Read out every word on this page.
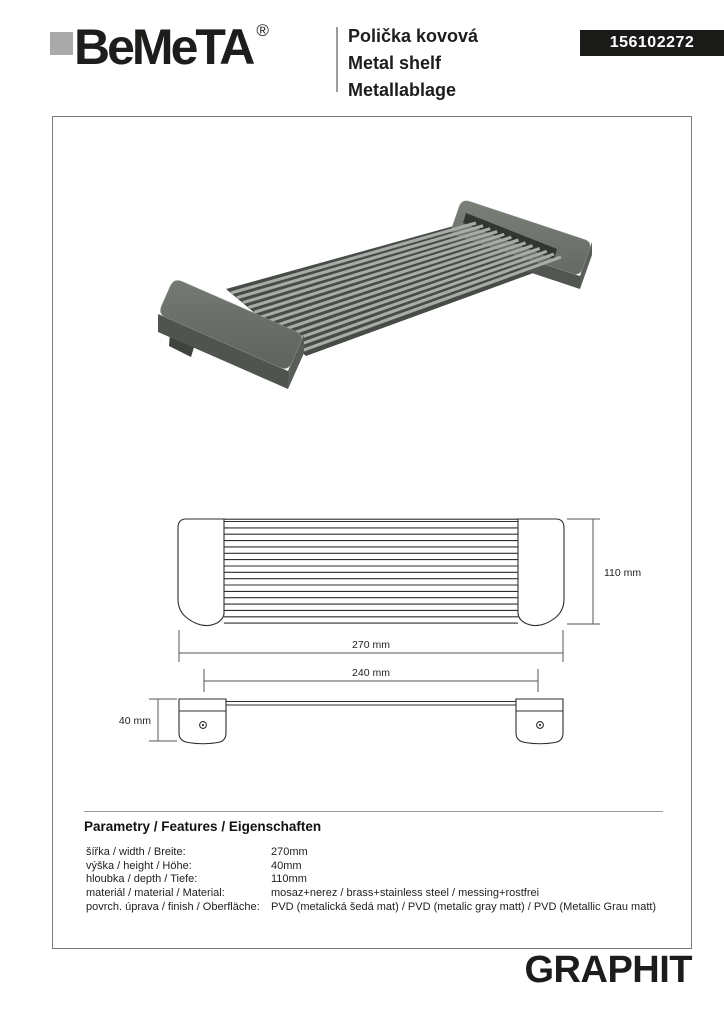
BeMeTA ®	Polička kovová
Metal shelf
Metallablage
156102272
110 mm
270 mm
240 mm
40 mm
Parametry / Features / Eigenschaften
šířka / width / Breite:	270mm
výška / height / Höhe:	40mm
hloubka / depth / Tiefe:	110mm
materiál / material / Material:	mosaz+nerez / brass+stainless steel / messing+rostfrei
povrch. úprava / finish / Oberfläche:	PVD (metalická šedá mat) / PVD (metalic gray matt) / PVD (Metallic Grau matt)
GRAPHIT
